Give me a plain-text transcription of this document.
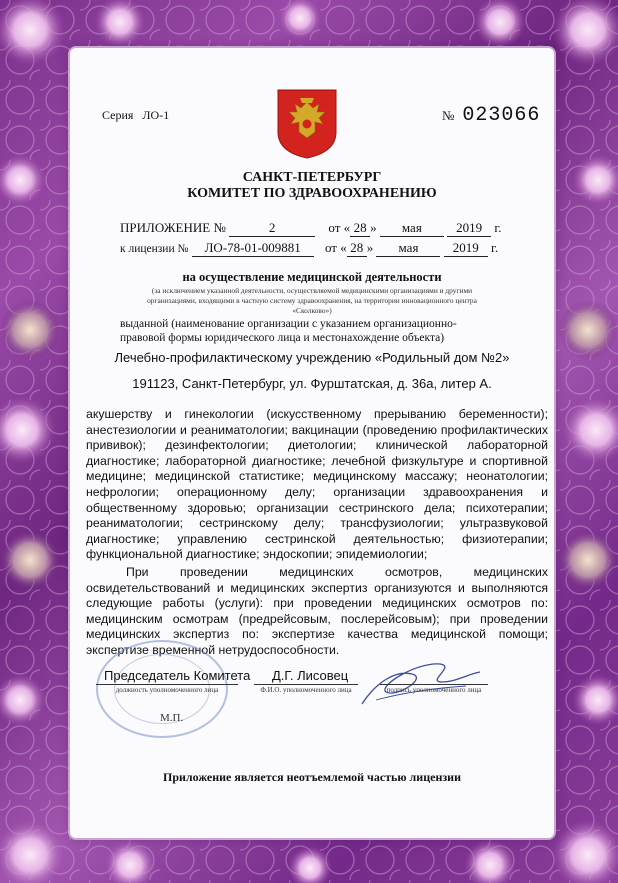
Серия ЛО-1	№ 023066
САНКТ-ПЕТЕРБУРГ
КОМИТЕТ ПО ЗДРАВООХРАНЕНИЮ
ПРИЛОЖЕНИЕ №	2	от « 28 » мая	2019 г.
к лицензии № ЛО-78-01-009881 от « 28 » мая	2019 г.
на осуществление медицинской деятельности
(за исключением указанной деятельности, осуществляемой медицинскими организациями и другими
организациями, входящими в частную систему здравоохранения, на территории инновационного центра
«Сколково»)
выданной (наименование организации с указанием организационно-
правовой формы юридического лица и местонахождение объекта)
Лечебно-профилактическому учреждению «Родильный дом №2»
191123, Санкт-Петербург, ул. Фурштатская, д. 36а, литер А.

акушерству и гинекологии (искусственному прерыванию беременности); анестезиологии и реаниматологии; вакцинации (проведению профилактических прививок); дезинфектологии; диетологии; клинической лабораторной диагностике; лабораторной диагностике; лечебной физкультуре и спортивной медицине; медицинской статистике; медицинскому массажу; неонатологии; нефрологии; операционному делу; организации здравоохранения и общественному здоровью; организации сестринского дела; психотерапии; реаниматологии; сестринскому делу; трансфузиологии; ультразвуковой диагностике; управлению сестринской деятельностью; физиотерапии; функциональной диагностике; эндоскопии; эпидемиологии;

При проведении медицинских осмотров, медицинских освидетельствований и медицинских экспертиз организуются и выполняются следующие работы (услуги): при проведении медицинских осмотров по: медицинским осмотрам (предрейсовым, послерейсовым); при проведении медицинских экспертиз по: экспертизе качества медицинской помощи; экспертизе временной нетрудоспособности.

Председатель Комитета
должность уполномоченного лица
Д.Г. Лисовец
Ф.И.О. уполномоченного лица	подпись уполномоченного лица
М.П.
Приложение является неотъемлемой частью лицензии
